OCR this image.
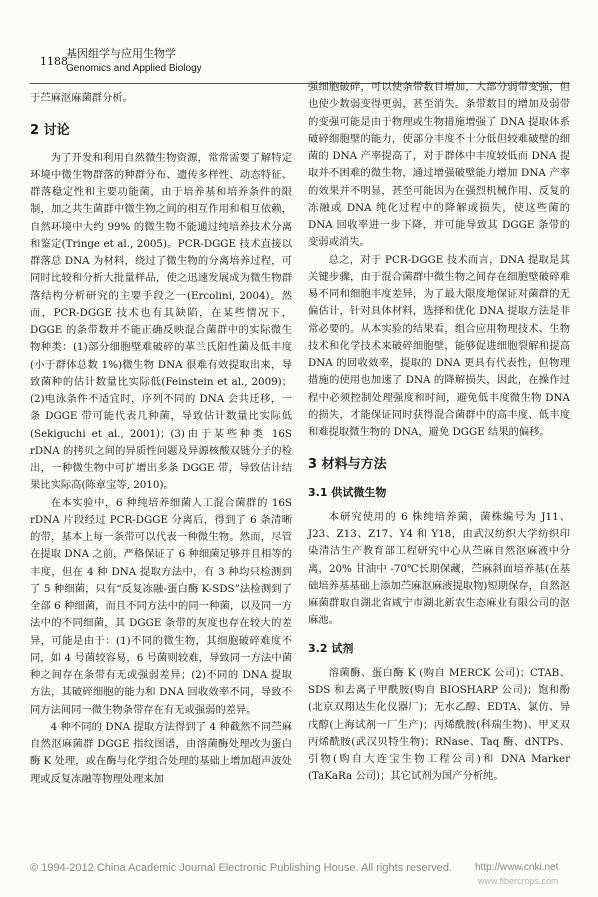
1188
基因组学与应用生物学
Genomics and Applied Biology

于苎麻沤麻菌群分析。

2 讨论

为了开发和利用自然微生物资源，常常需要了解特定环境中微生物群落的种群分布、遗传多样性、动态特征、群落稳定性和主要功能菌，由于培养基和培养条件的限制，加之共生菌群中微生物之间的相互作用和相互依赖，自然环境中大约 99% 的微生物不能通过纯培养技术分离和鉴定(Tringe et al., 2005)。PCR-DGGE 技术直接以群落总 DNA 为材料，绕过了微生物的分离培养过程，可同时比较和分析大批量样品，使之迅速发展成为微生物群落结构分析研究的主要手段之一(Ercolini, 2004)。然而，PCR-DGGE 技术也有其缺陷，在某些情况下，DGGE 的条带数并不能正确反映混合菌群中的实际微生物种类：(1)部分细胞壁难破碎的革兰氏阳性菌及低丰度(小于群体总数 1%)微生物 DNA 很难有效提取出来，导致菌种的估计数量比实际低(Feinstein et al., 2009)；(2)电泳条件不适宜时，序列不同的 DNA 会共迁移，一条 DGGE 带可能代表几种菌，导致估计数量比实际低(Sekiguchi et al., 2001)；(3)由于某些种类 16S rDNA 的拷贝之间的异质性问题及异源核酸双链分子的检出，一种微生物中可扩增出多条 DGGE 带，导致估计结果比实际高(陈章宝等, 2010)。

在本实验中，6 种纯培养细菌人工混合菌群的 16S rDNA 片段经过 PCR-DGGE 分离后，得到了 6 条清晰的带，基本上每一条带可以代表一种微生物。然而，尽管在提取 DNA 之前，严格保证了 6 种细菌足够并且相等的丰度，但在 4 种 DNA 提取方法中，有 3 种均只检测到了 5 种细菌，只有“反复冻融-蛋白酶 K-SDS”法检测到了全部 6 种细菌，而且不同方法中的同一种菌，以及同一方法中的不同细菌，其 DGGE 条带的灰度也存在较大的差异，可能是由于：(1)不同的微生物，其细胞破碎难度不同，如 4 号菌较容易，6 号菌则较难，导致同一方法中菌种之间存在条带有无或强弱差异；(2)不同的 DNA 提取方法，其破碎细胞的能力和 DNA 回收效率不同，导致不同方法间同一微生物条带存在有无或强弱的差异。

4 种不同的 DNA 提取方法得到了 4 种截然不同苎麻自然沤麻菌群 DGGE 指纹图谱，由溶菌酶处理改为蛋白酶 K 处理，或在酶与化学组合处理的基础上增加超声波处理或反复冻融等物理处理来加

强细胞破碎，可以使条带数目增加，大部分弱带变强，但也使少数弱变得更弱，甚至消失。条带数目的增加及弱带的变强可能是由于物理或生物措施增强了 DNA 提取体系破碎细胞壁的能力，使部分丰度不十分低但较难破壁的细菌的 DNA 产率提高了，对于群体中丰度较低而 DNA 提取并不困难的微生物，通过增强破壁能力增加 DNA 产率的效果并不明显，甚至可能因为在强烈机械作用、反复的冻融或 DNA 纯化过程中的降解或损失，使这些菌的 DNA 回收率进一步下降，并可能导致其 DGGE 条带的变弱或消失。

总之，对于 PCR-DGGE 技术而言，DNA 提取是其关键步骤，由于混合菌群中微生物之间存在细胞壁破碎难易不同和细胞丰度差异，为了最大限度地保证对菌群的无偏估计，针对具体材料，选择和优化 DNA 提取方法是非常必要的。从本实验的结果看，组合应用物理技术、生物技术和化学技术来破碎细胞壁，能够促进细胞裂解和提高 DNA 的回收效率，提取的 DNA 更具有代表性，但物理措施的使用也加速了 DNA 的降解损失，因此，在操作过程中必须控制处理强度和时间，避免低丰度微生物 DNA 的损失，才能保证同时获得混合菌群中的高丰度、低丰度和难提取微生物的 DNA，避免 DGGE 结果的偏移。

3 材料与方法
3.1 供试微生物

本研究使用的 6 株纯培养菌，菌株编号为 J11、J23、Z13、Z17、Y4 和 Y18，由武汉纺织大学纺织印染清洁生产教育部工程研究中心从苎麻自然沤麻液中分离，20% 甘油中 -70℃长期保藏，苎麻斜面培养基(在基础培养基基础上添加苎麻沤麻液提取物)短期保存，自然沤麻菌群取自湖北省咸宁市湖北新农生态麻业有限公司的沤麻池。

3.2 试剂

溶菌酶、蛋白酶 K (购自 MERCK 公司)；CTAB、SDS 和去离子甲酰胺(购自 BIOSHARP 公司)；饱和酚(北京双翔达生化仪器厂)；无水乙醇、EDTA、氯仿、异戊醇(上海试剂一厂生产)；丙烯酰胺(科瑞生物)、甲叉双丙烯酰胺(武汉贝特生物)；RNase、Taq 酶、dNTPs、引物(购自大连宝生物工程公司)和 DNA Marker (TaKaRa 公司)；其它试剂为国产分析纯。

© 1994-2012 China Academic Journal Electronic Publishing House. All rights reserved. http://www.cnki.net
www.fibercrops.com
